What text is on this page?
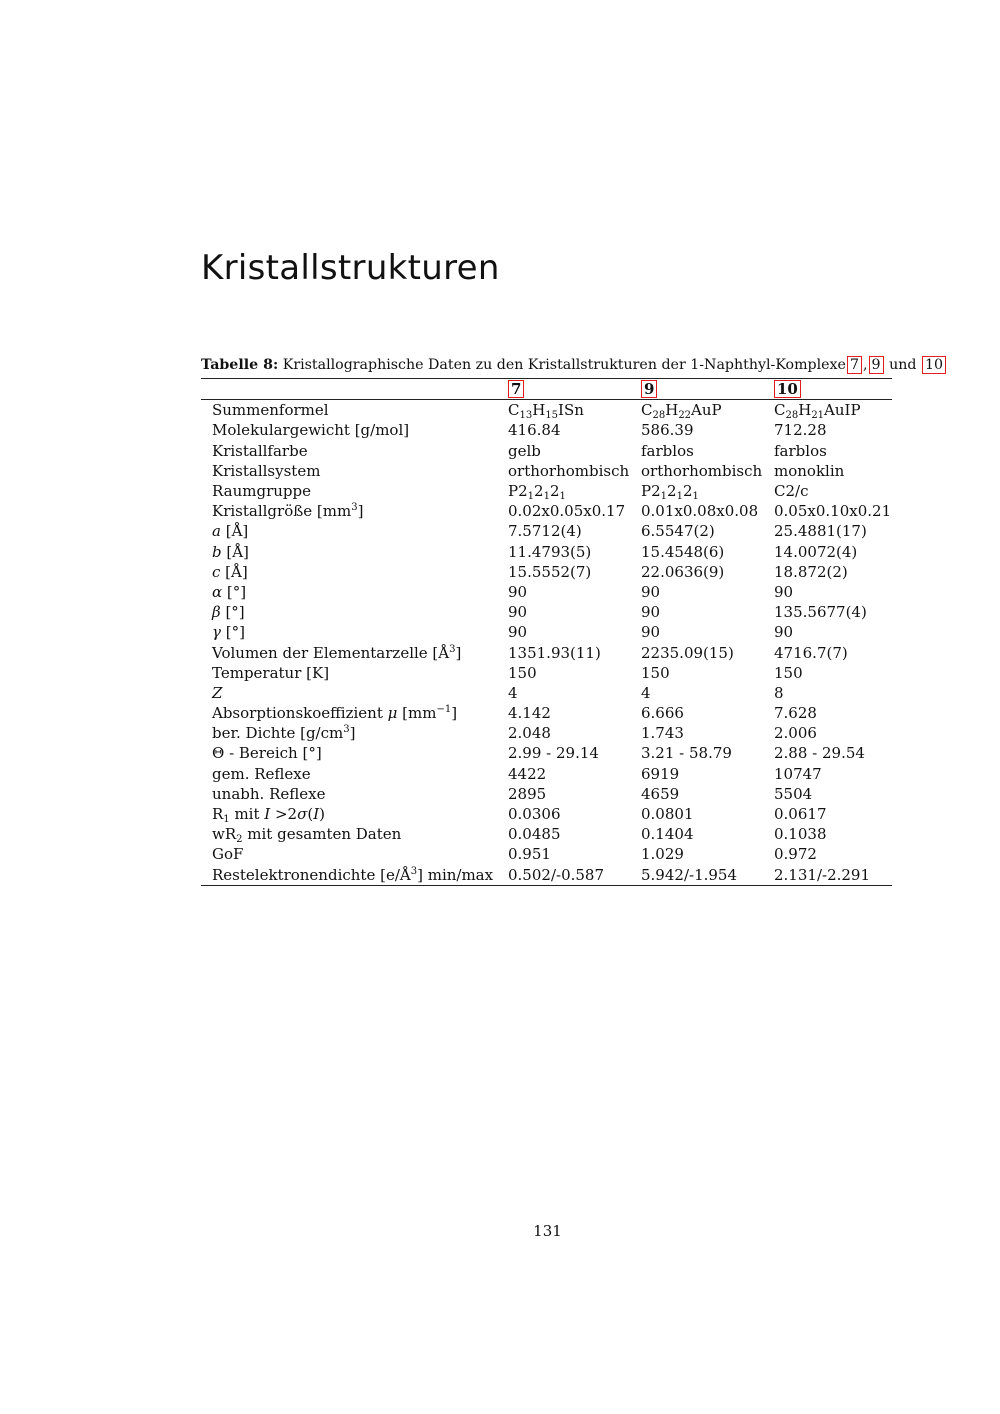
Kristallstrukturen
Tabelle 8: Kristallographische Daten zu den Kristallstrukturen der 1-Naphthyl-Komplexe 7 , 9 und 10
	7	9	10
Summenformel	$C_{13}H_{15}ISn$	$C_{28}H_{22}AuP$	$C_{28}H_{21}AuIP$
Molekulargewicht [g/mol]	416.84	586.39	712.28
Kristallfarbe	gelb	farblos	farblos
Kristallsystem	orthorhombisch	orthorhombisch	monoklin
Raumgruppe	$P2_12_12_1$	$P2_12_12_1$	C2/c
Kristallgröße $[mm^3]$	0.02x0.05x0.17	0.01x0.08x0.08	0.05x0.10x0.21
a [Å]	7.5712(4)	6.5547(2)	25.4881(17)
b [Å]	11.4793(5)	15.4548(6)	14.0072(4)
c [Å]	15.5552(7)	22.0636(9)	18.872(2)
α [°]	90	90	90
β [°]	90	90	135.5677(4)
γ [°]	90	90	90
Volumen der Elementarzelle $[Å^3]$	1351.93(11)	2235.09(15)	4716.7(7)
Temperatur [K]	150	150	150
Z	4	4	8
Absorptionskoeffizient μ $[mm^{-1}]$	4.142	6.666	7.628
ber. Dichte $[g/cm^3]$	2.048	1.743	2.006
Θ - Bereich [°]	2.99 - 29.14	3.21 - 58.79	2.88 - 29.54
gem. Reflexe	4422	6919	10747
unabh. Reflexe	2895	4659	5504
$R_1$ mit I >2σ(I)	0.0306	0.0801	0.0617
$wR_2$ mit gesamten Daten	0.0485	0.1404	0.1038
GoF	0.951	1.029	0.972
Restelektronendichte $[e/Å^3]$ min/max	0.502/-0.587	5.942/-1.954	2.131/-2.291
131
